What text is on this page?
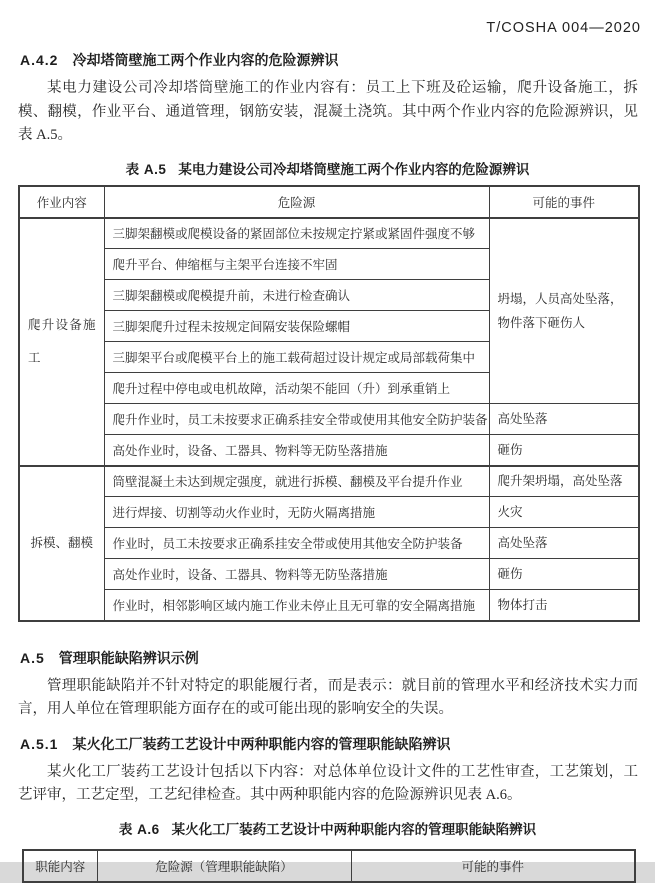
T/COSHA 004—2020
A.4.2 冷却塔筒壁施工两个作业内容的危险源辨识

某电力建设公司冷却塔筒壁施工的作业内容有：员工上下班及砼运输，爬升设备施工，拆模、翻模，作业平台、通道管理，钢筋安装，混凝土浇筑。其中两个作业内容的危险源辨识，见表 A.5。

表 A.5 某电力建设公司冷却塔筒壁施工两个作业内容的危险源辨识
作业内容	危险源	可能的事件
爬升设备施工	三脚架翻模或爬模设备的紧固部位未按规定拧紧或紧固件强度不够	坍塌，人员高处坠落，物件落下砸伤人
	爬升平台、伸缩框与主架平台连接不牢固	
	三脚架翻模或爬模提升前，未进行检查确认	
	三脚架爬升过程未按规定间隔安装保险螺帽	
	三脚架平台或爬模平台上的施工载荷超过设计规定或局部载荷集中	
	爬升过程中停电或电机故障，活动架不能回（升）到承重销上	
	爬升作业时，员工未按要求正确系挂安全带或使用其他安全防护装备	高处坠落
	高处作业时，设备、工器具、物料等无防坠落措施	砸伤
拆模、翻模	筒壁混凝土未达到规定强度，就进行拆模、翻模及平台提升作业	爬升架坍塌，高处坠落
	进行焊接、切割等动火作业时，无防火隔离措施	火灾
	作业时，员工未按要求正确系挂安全带或使用其他安全防护装备	高处坠落
	高处作业时，设备、工器具、物料等无防坠落措施	砸伤
	作业时，相邻影响区域内施工作业未停止且无可靠的安全隔离措施	物体打击
A.5 管理职能缺陷辨识示例

管理职能缺陷并不针对特定的职能履行者，而是表示：就目前的管理水平和经济技术实力而言，用人单位在管理职能方面存在的或可能出现的影响安全的失误。

A.5.1 某火化工厂装药工艺设计中两种职能内容的管理职能缺陷辨识

某火化工厂装药工艺设计包括以下内容：对总体单位设计文件的工艺性审查，工艺策划，工艺评审，工艺定型，工艺纪律检查。其中两种职能内容的危险源辨识见表 A.6。

表 A.6 某火化工厂装药工艺设计中两种职能内容的管理职能缺陷辨识
职能内容	危险源（管理职能缺陷）	可能的事件
